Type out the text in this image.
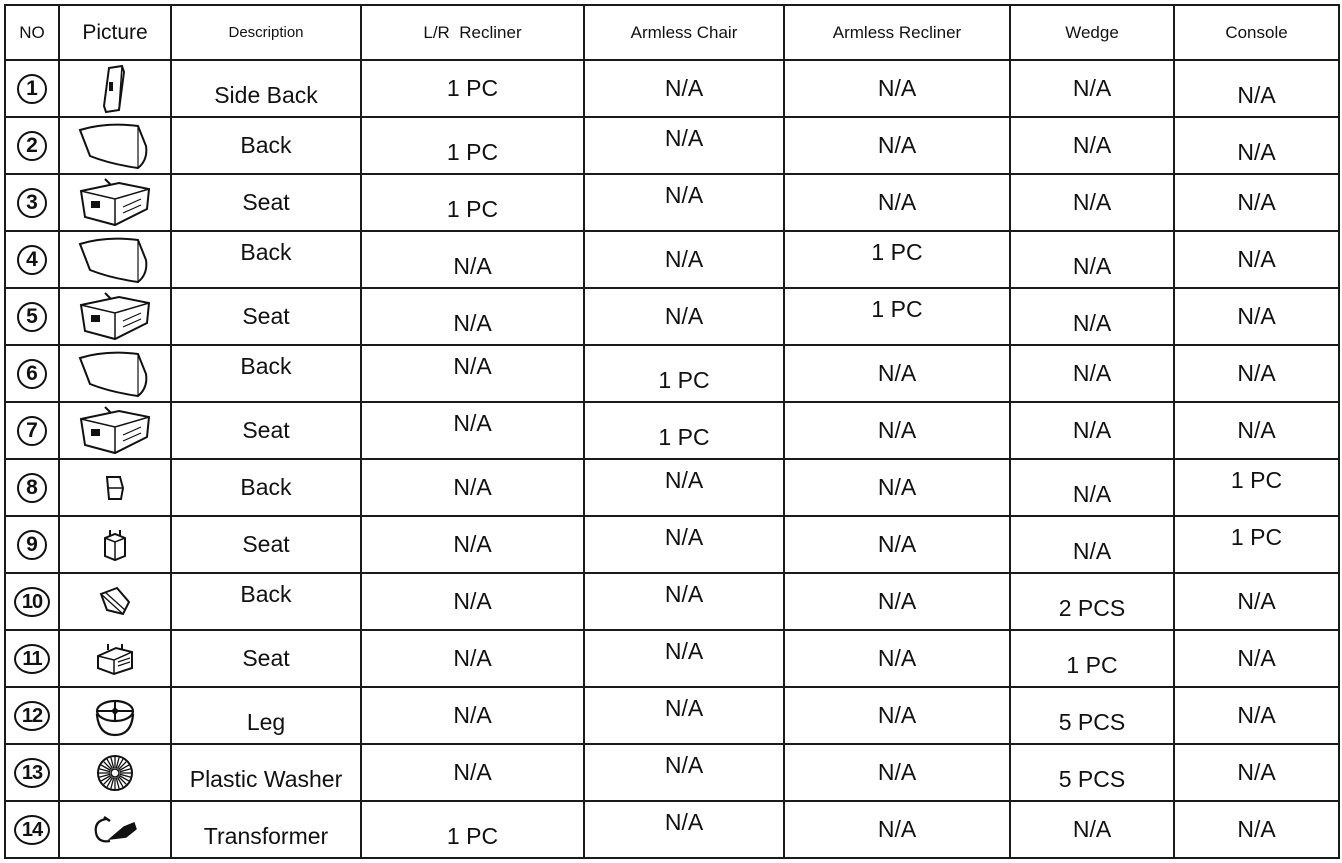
NO	Picture	Description	L/R  Recliner	Armless Chair	Armless Recliner	Wedge	Console
1		Side Back	1 PC	N/A	N/A	N/A	N/A
2		Back	1 PC	N/A	N/A	N/A	N/A
3		Seat	1 PC	N/A	N/A	N/A	N/A
4		Back	N/A	N/A	1 PC	N/A	N/A
5		Seat	N/A	N/A	1 PC	N/A	N/A
6		Back	N/A	1 PC	N/A	N/A	N/A
7		Seat	N/A	1 PC	N/A	N/A	N/A
8		Back	N/A	N/A	N/A	N/A	1 PC
9		Seat	N/A	N/A	N/A	N/A	1 PC
10		Back	N/A	N/A	N/A	2 PCS	N/A
11		Seat	N/A	N/A	N/A	1 PC	N/A
12		Leg	N/A	N/A	N/A	5 PCS	N/A
13		Plastic Washer	N/A	N/A	N/A	5 PCS	N/A
14		Transformer	1 PC	N/A	N/A	N/A	N/A
